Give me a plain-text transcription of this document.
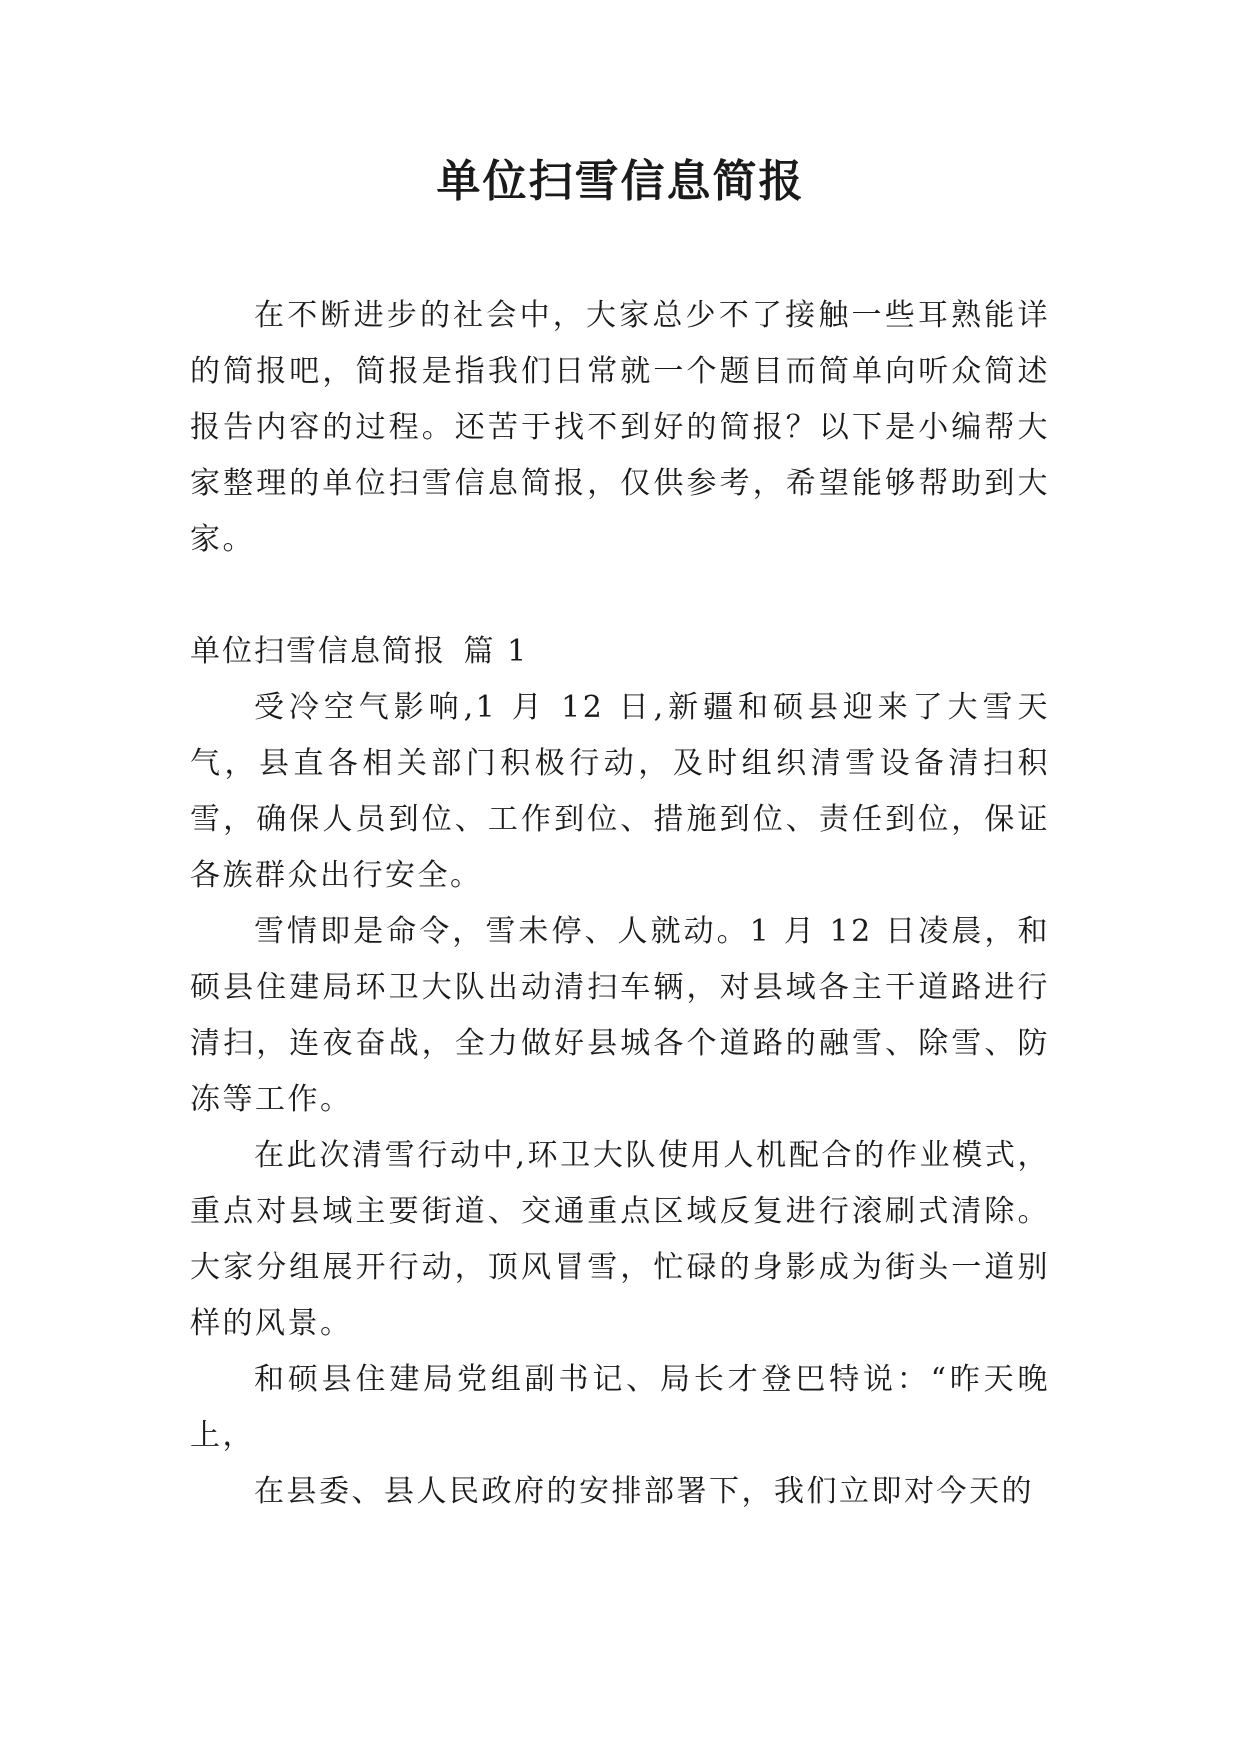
单位扫雪信息简报

在不断进步的社会中，大家总少不了接触一些耳熟能详的简报吧，简报是指我们日常就一个题目而简单向听众简述报告内容的过程。还苦于找不到好的简报？以下是小编帮大家整理的单位扫雪信息简报，仅供参考，希望能够帮助到大家。

单位扫雪信息简报 篇 1

受冷空气影响,1 月 12 日,新疆和硕县迎来了大雪天气，县直各相关部门积极行动，及时组织清雪设备清扫积雪，确保人员到位、工作到位、措施到位、责任到位，保证各族群众出行安全。

雪情即是命令，雪未停、人就动。1 月 12 日凌晨，和硕县住建局环卫大队出动清扫车辆，对县域各主干道路进行清扫，连夜奋战，全力做好县城各个道路的融雪、除雪、防冻等工作。

在此次清雪行动中,环卫大队使用人机配合的作业模式，重点对县域主要街道、交通重点区域反复进行滚刷式清除。大家分组展开行动，顶风冒雪，忙碌的身影成为街头一道别样的风景。

和硕县住建局党组副书记、局长才登巴特说：“昨天晚上，

在县委、县人民政府的安排部署下，我们立即对今天的
